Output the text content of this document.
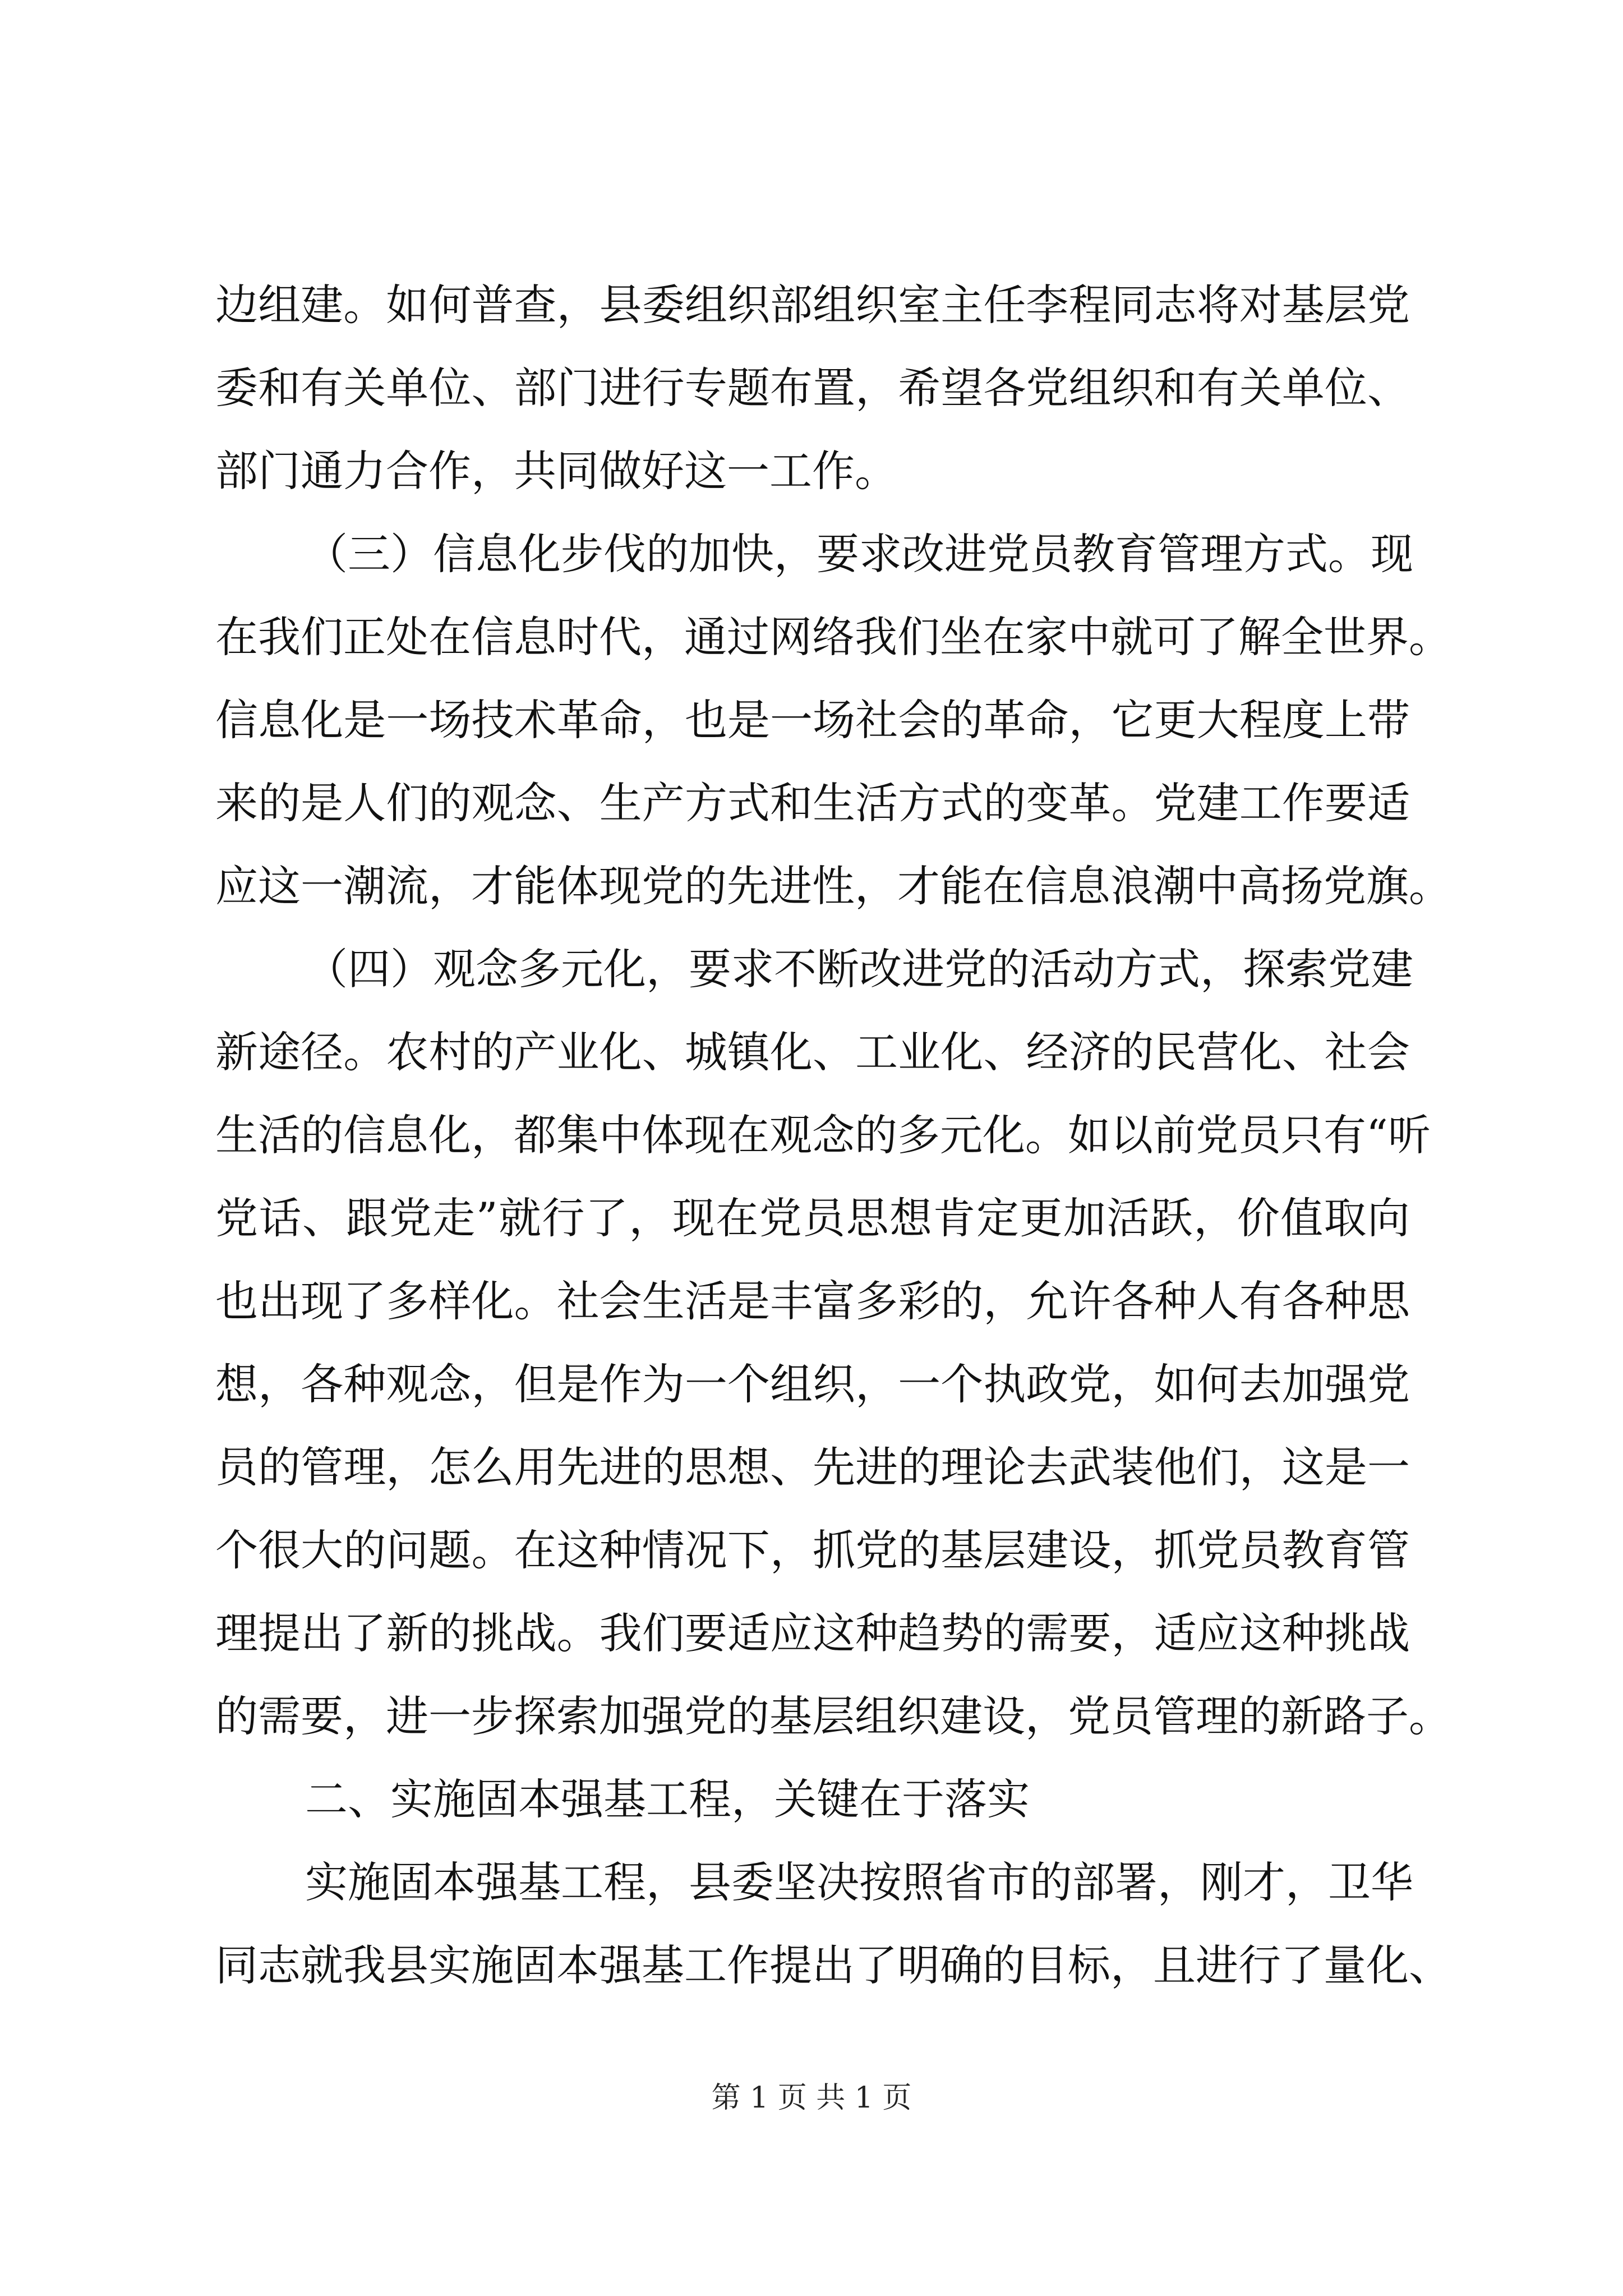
边组建。如何普查，县委组织部组织室主任李程同志将对基层党
委和有关单位、部门进行专题布置，希望各党组织和有关单位、
部门通力合作，共同做好这一工作。
（三）信息化步伐的加快，要求改进党员教育管理方式。现
在我们正处在信息时代，通过网络我们坐在家中就可了解全世界。
信息化是一场技术革命，也是一场社会的革命，它更大程度上带
来的是人们的观念、生产方式和生活方式的变革。党建工作要适
应这一潮流，才能体现党的先进性，才能在信息浪潮中高扬党旗。
（四）观念多元化，要求不断改进党的活动方式，探索党建
新途径。农村的产业化、城镇化、工业化、经济的民营化、社会
生活的信息化，都集中体现在观念的多元化。如以前党员只有“听
党话、跟党走”就行了，现在党员思想肯定更加活跃，价值取向
也出现了多样化。社会生活是丰富多彩的，允许各种人有各种思
想，各种观念，但是作为一个组织，一个执政党，如何去加强党
员的管理，怎么用先进的思想、先进的理论去武装他们，这是一
个很大的问题。在这种情况下，抓党的基层建设，抓党员教育管
理提出了新的挑战。我们要适应这种趋势的需要，适应这种挑战
的需要，进一步探索加强党的基层组织建设，党员管理的新路子。
二、实施固本强基工程，关键在于落实
实施固本强基工程，县委坚决按照省市的部署，刚才，卫华
同志就我县实施固本强基工作提出了明确的目标，且进行了量化、
第 1 页 共 1 页
